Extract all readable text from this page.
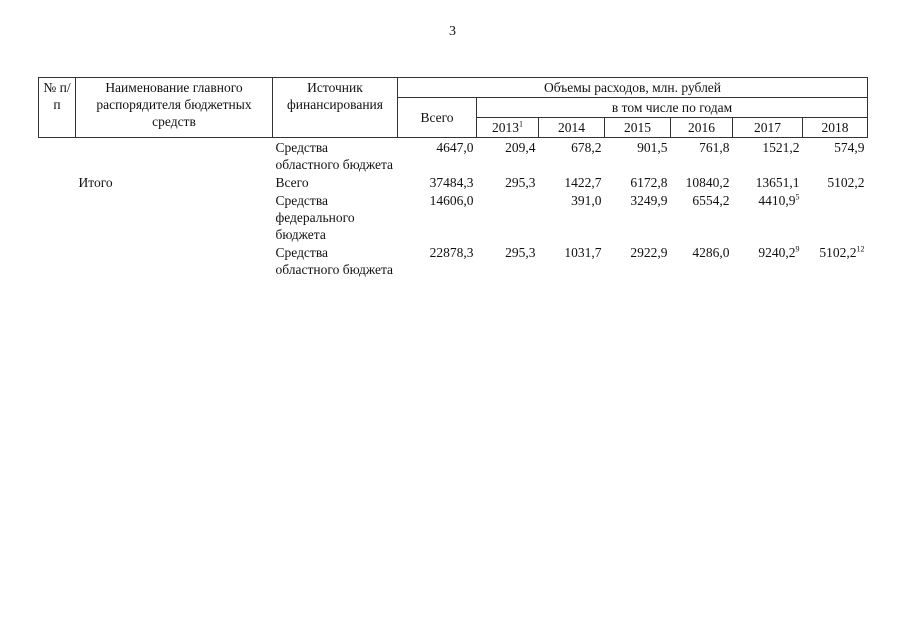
3
№ п/п	Наименование главного распорядителя бюджетных средств	Источник финансирования	Объемы расходов, млн. рублей						
			Всего	в том числе по годам					
				2013$^1$	2014	2015	2016	2017	2018
		Средства областного бюджета	4647,0	209,4	678,2	901,5	761,8	1521,2	574,9
	Итого	Всего	37484,3	295,3	1422,7	6172,8	10840,2	13651,1	5102,2
		Средства федерального бюджета	14606,0		391,0	3249,9	6554,2	4410,9$^5$	
		Средства областного бюджета	22878,3	295,3	1031,7	2922,9	4286,0	9240,2$^9$	5102,2$^{12}$
